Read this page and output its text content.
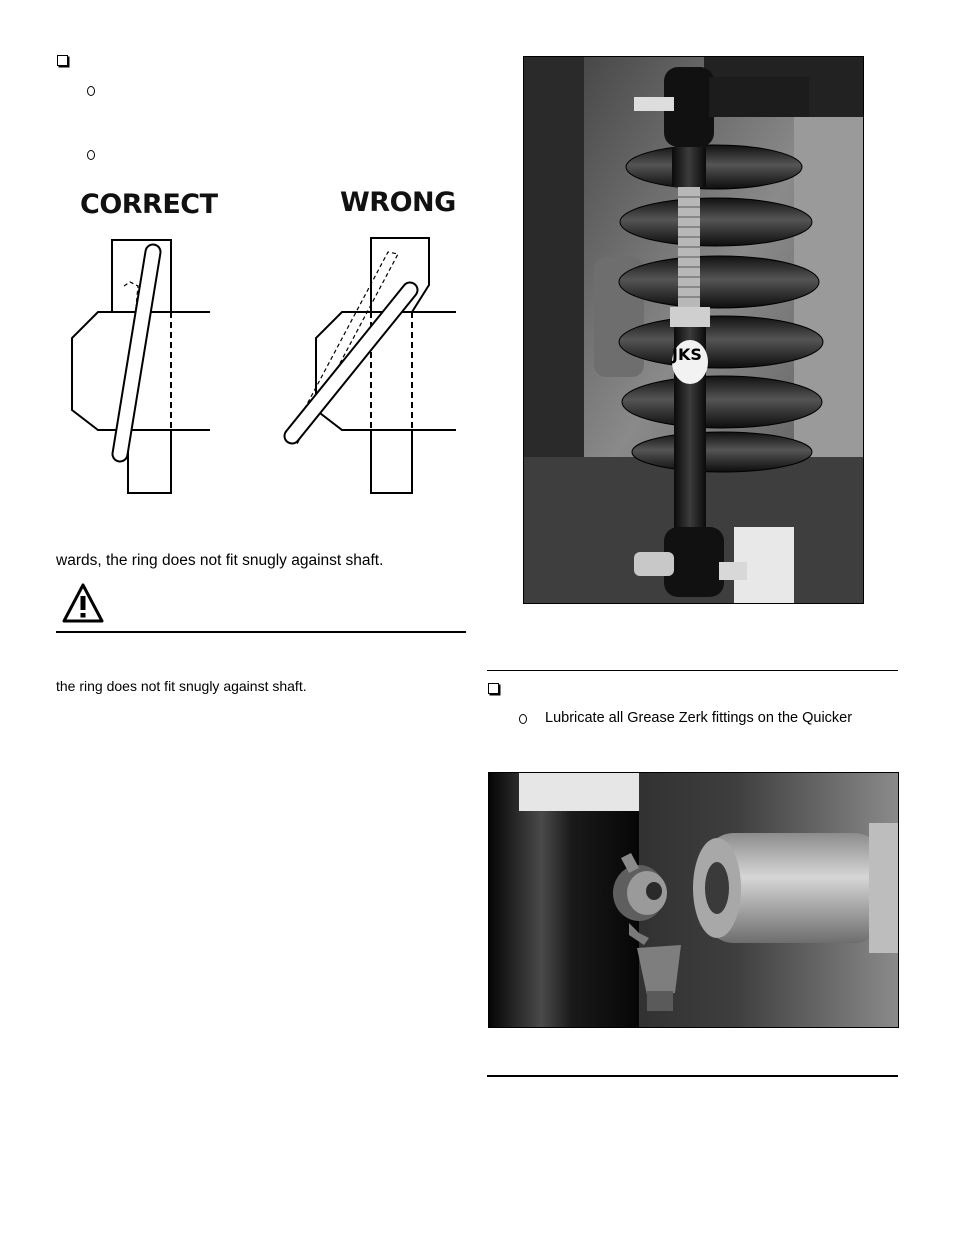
CORRECT	WRONG
wards, the ring does not fit snugly against shaft.
the ring does not fit snugly against shaft.
JKS
Lubricate all Grease Zerk fittings on the Quicker
